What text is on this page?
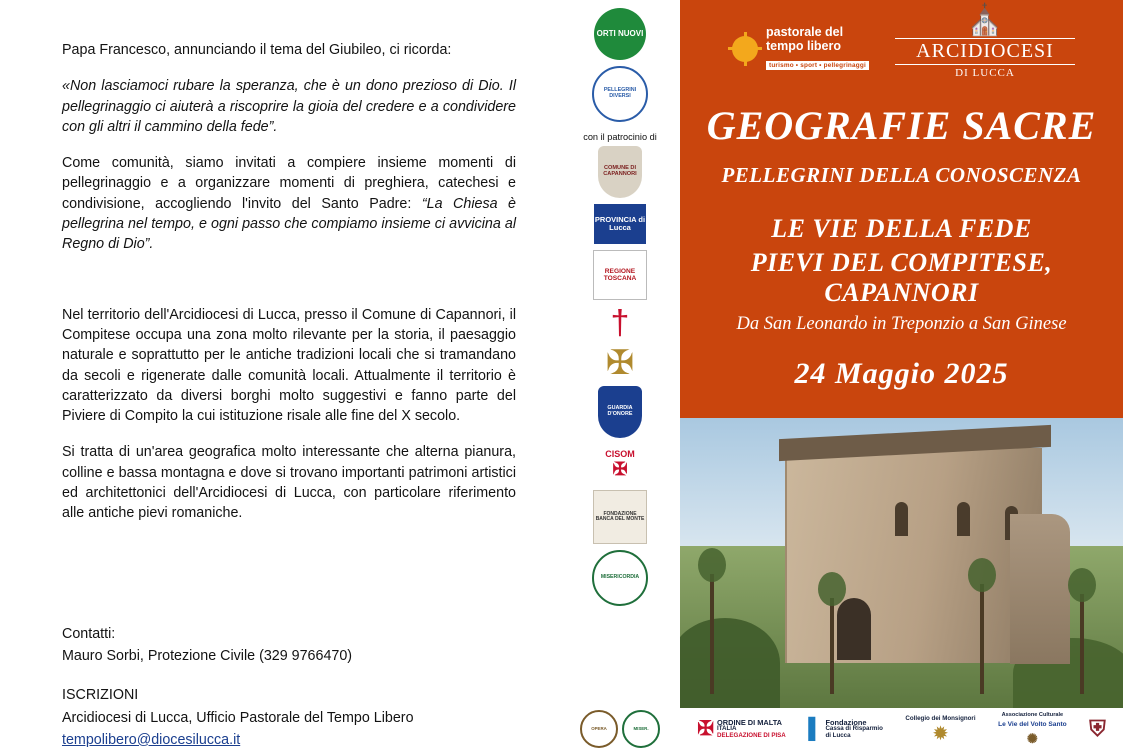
Papa Francesco, annunciando il tema del Giubileo, ci ricorda:

«Non lasciamoci rubare la speranza, che è un dono prezioso di Dio. Il pellegrinaggio ci aiuterà a riscoprire la gioia del credere e a condividere con gli altri il cammino della fede”.

Come comunità, siamo invitati a compiere insieme momenti di pellegrinaggio e a organizzare momenti di preghiera, catechesi e condivisione, accogliendo l'invito del Santo Padre: “La Chiesa è pellegrina nel tempo, e ogni passo che compiamo insieme ci avvicina al Regno di Dio”.

Nel territorio dell'Arcidiocesi di Lucca, presso il Comune di Capannori, il Compitese occupa una zona molto rilevante per la storia, il paesaggio naturale e soprattutto per le antiche tradizioni locali che si tramandano da secoli e rigenerate dalle comunità locali. Attualmente il territorio è caratterizzato da diversi borghi molto suggestivi e fanno parte del Piviere di Compito la cui istituzione risale alle fine del X secolo.

Si tratta di un'area geografica molto interessante che alterna pianura, colline e bassa montagna e dove si trovano importanti patrimoni artistici ed architettonici dell'Arcidiocesi di Lucca, con particolare riferimento alle antiche pievi romaniche.

Contatti:

Mauro Sorbi, Protezione Civile (329 9766470)

ISCRIZIONI

Arcidiocesi di Lucca, Ufficio Pastorale del Tempo Libero

tempolibero@diocesilucca.it

ORTI NUOVI
PELLEGRINI DIVERSI
con il patrocinio di
COMUNE DI CAPANNORI
PROVINCIA di Lucca
REGIONE TOSCANA
†
✠
GUARDIA D'ONORE
CISOM
✠
FONDAZIONE BANCA DEL MONTE
MISERICORDIA
pastorale del
tempo libero
turismo • sport • pellegrinaggi
⛪
ARCIDIOCESI
DI LUCCA
GEOGRAFIE SACRE
PELLEGRINI DELLA CONOSCENZA
LE VIE DELLA FEDE
PIEVI DEL COMPITESE, CAPANNORI
Da San Leonardo in Treponzio a San Ginese
24 Maggio 2025
OPERA	MISER.	✠ ORDINE DI MALTA
ITALIA
DELEGAZIONE DI PISA ▌ Fondazione
Cassa di Risparmio
di Lucca
Collegio dei Monsignori
✹
Associazione Culturale
Le Vie del Volto Santo
✺ ⛨
